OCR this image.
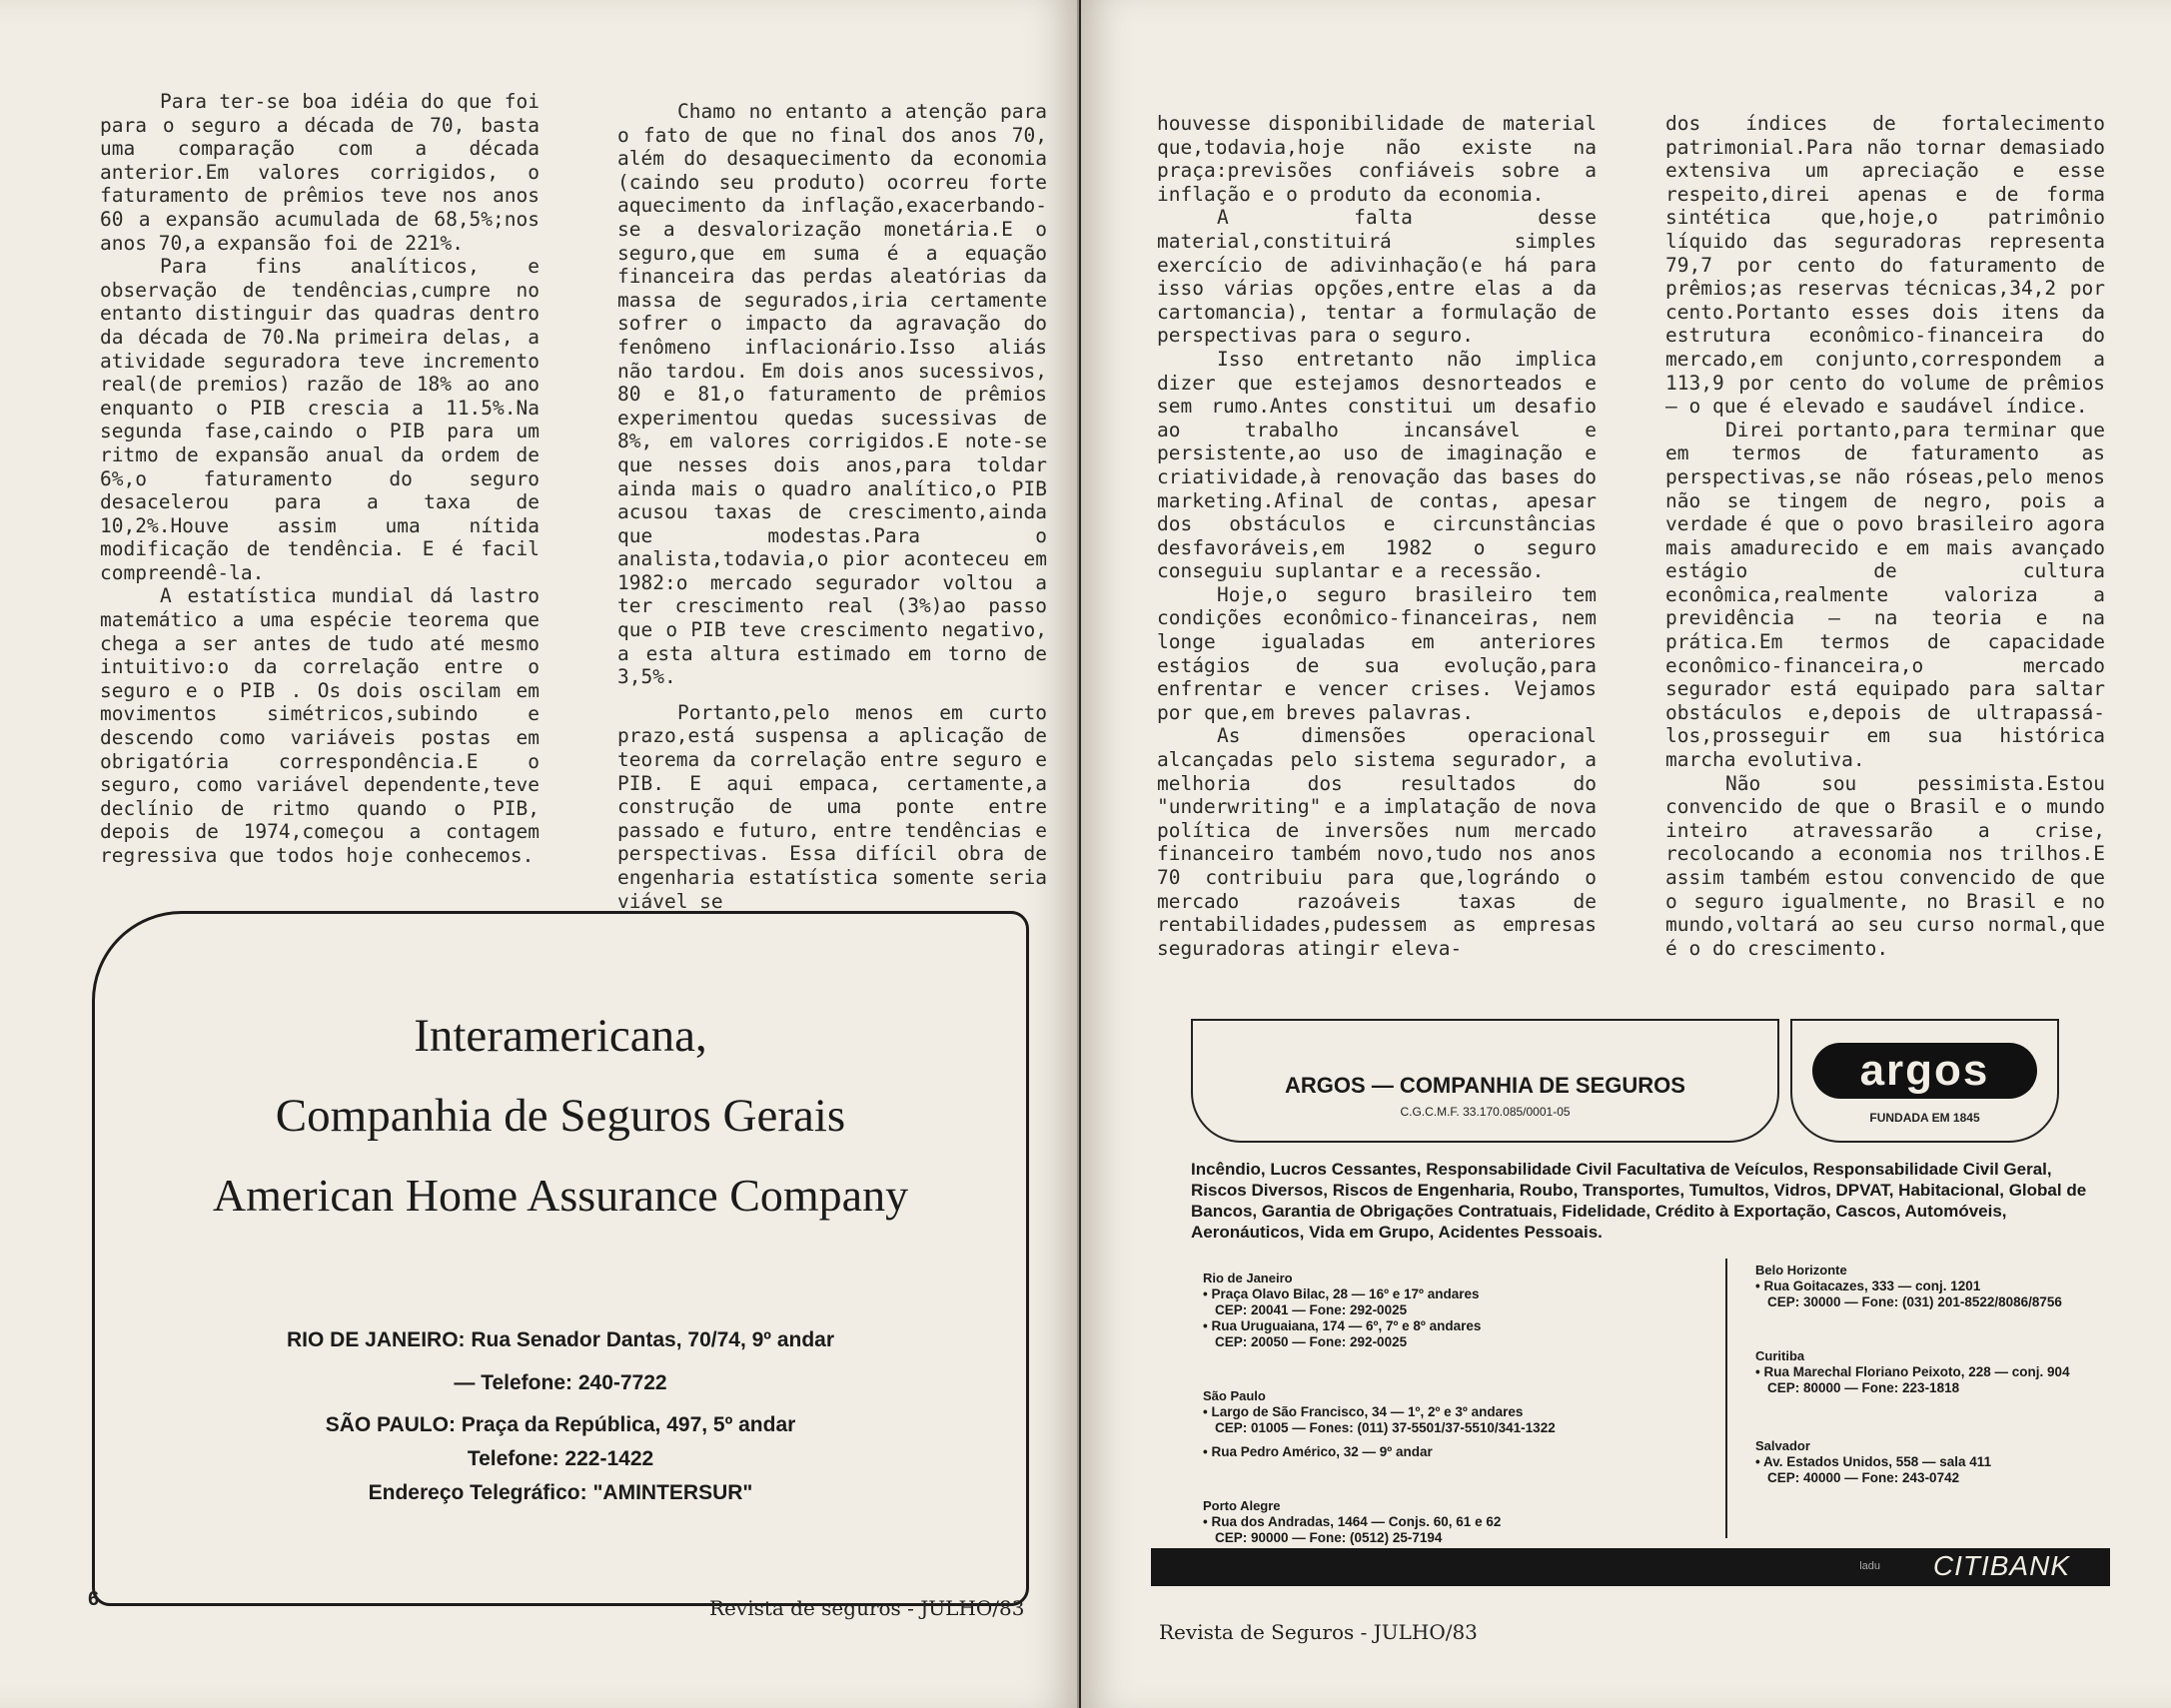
Para ter-se boa idéia do que foi para o seguro a década de 70, basta uma comparação com a década anterior.Em valores corrigidos, o faturamento de prêmios teve nos anos 60 a expansão acumulada de 68,5%;nos anos 70,a expansão foi de 221%.

Para fins analíticos, e observação de tendências,cumpre no entanto distinguir das quadras dentro da década de 70.Na primeira delas, a atividade seguradora teve incremento real(de premios) razão de 18% ao ano enquanto o PIB crescia a 11.5%.Na segunda fase,caindo o PIB para um ritmo de expansão anual da ordem de 6%,o faturamento do seguro desacelerou para a taxa de 10,2%.Houve assim uma nítida modificação de tendência. E é facil compreendê-la.

A estatística mundial dá lastro matemático a uma espécie teorema que chega a ser antes de tudo até mesmo intuitivo:o da correlação entre o seguro e o PIB . Os dois oscilam em movimentos simétricos,subindo e descendo como variáveis postas em obrigatória correspondência.E o seguro, como variável dependente,teve declínio de ritmo quando o PIB, depois de 1974,começou a contagem regressiva que todos hoje conhecemos.

Chamo no entanto a atenção para o fato de que no final dos anos 70, além do desaquecimento da economia (caindo seu produto) ocorreu forte aquecimento da inflação,exacerbando-se a desvalorização monetária.E o seguro,que em suma é a equação financeira das perdas aleatórias da massa de segurados,iria certamente sofrer o impacto da agravação do fenômeno inflacionário.Isso aliás não tardou. Em dois anos sucessivos, 80 e 81,o faturamento de prêmios experimentou quedas sucessivas de 8%, em valores corrigidos.E note-se que nesses dois anos,para toldar ainda mais o quadro analítico,o PIB acusou taxas de crescimento,ainda que modestas.Para o analista,todavia,o pior aconteceu em 1982:o mercado segurador voltou a ter crescimento real (3%)ao passo que o PIB teve crescimento negativo, a esta altura estimado em torno de 3,5%.

Portanto,pelo menos em curto prazo,está suspensa a aplicação de teorema da correlação entre seguro e PIB. E aqui empaca, certamente,a construção de uma ponte entre passado e futuro, entre tendências e perspectivas. Essa difícil obra de engenharia estatística somente seria viável se

Interamericana,
Companhia de Seguros Gerais
American Home Assurance Company
RIO DE JANEIRO: Rua Senador Dantas, 70/74, 9º andar
— Telefone: 240-7722
SÃO PAULO: Praça da República, 497, 5º andar
Telefone: 222-1422
Endereço Telegráfico: "AMINTERSUR"
6	Revista de seguros - JULHO/83

houvesse disponibilidade de material que,todavia,hoje não existe na praça:previsões confiáveis sobre a inflação e o produto da economia.

A falta desse material,constituirá simples exercício de adivinhação(e há para isso várias opções,entre elas a da cartomancia), tentar a formulação de perspectivas para o seguro.

Isso entretanto não implica dizer que estejamos desnorteados e sem rumo.Antes constitui um desafio ao trabalho incansável e persistente,ao uso de imaginação e criatividade,à renovação das bases do marketing.Afinal de contas, apesar dos obstáculos e circunstâncias desfavoráveis,em 1982 o seguro conseguiu suplantar e a recessão.

Hoje,o seguro brasileiro tem condições econômico-financeiras, nem longe igualadas em anteriores estágios de sua evolução,para enfrentar e vencer crises. Vejamos por que,em breves palavras.

As dimensões operacional alcançadas pelo sistema segurador, a melhoria dos resultados do "underwriting" e a implatação de nova política de inversões num mercado financeiro também novo,tudo nos anos 70 contribuiu para que,lográndo o mercado razoáveis taxas de rentabilidades,pudessem as empresas seguradoras atingir eleva-

dos índices de fortalecimento patrimonial.Para não tornar demasiado extensiva um apreciação e esse respeito,direi apenas e de forma sintética que,hoje,o patrimônio líquido das seguradoras representa 79,7 por cento do faturamento de prêmios;as reservas técnicas,34,2 por cento.Portanto esses dois itens da estrutura econômico-financeira do mercado,em conjunto,correspondem a 113,9 por cento do volume de prêmios — o que é elevado e saudável índice.

Direi portanto,para terminar que em termos de faturamento as perspectivas,se não róseas,pelo menos não se tingem de negro, pois a verdade é que o povo brasileiro agora mais amadurecido e em mais avançado estágio de cultura econômica,realmente valoriza a previdência — na teoria e na prática.Em termos de capacidade econômico-financeira,o mercado segurador está equipado para saltar obstáculos e,depois de ultrapassá-los,prosseguir em sua histórica marcha evolutiva.

Não sou pessimista.Estou convencido de que o Brasil e o mundo inteiro atravessarão a crise, recolocando a economia nos trilhos.E assim também estou convencido de que o seguro igualmente, no Brasil e no mundo,voltará ao seu curso normal,que é o do crescimento.

ARGOS — COMPANHIA DE SEGUROS
C.G.C.M.F. 33.170.085/0001-05
argos
FUNDADA EM 1845
Incêndio, Lucros Cessantes, Responsabilidade Civil Facultativa de Veículos, Responsabilidade Civil Geral, Riscos Diversos, Riscos de Engenharia, Roubo, Transportes, Tumultos, Vidros, DPVAT, Habitacional, Global de Bancos, Garantia de Obrigações Contratuais, Fidelidade, Crédito à Exportação, Cascos, Automóveis, Aeronáuticos, Vida em Grupo, Acidentes Pessoais.
Rio de Janeiro
• Praça Olavo Bilac, 28 — 16º e 17º andares
CEP: 20041 — Fone: 292-0025
• Rua Uruguaiana, 174 — 6º, 7º e 8º andares
CEP: 20050 — Fone: 292-0025
São Paulo
• Largo de São Francisco, 34 — 1º, 2º e 3º andares
CEP: 01005 — Fones: (011) 37-5501/37-5510/341-1322
• Rua Pedro Américo, 32 — 9º andar
Porto Alegre
• Rua dos Andradas, 1464 — Conjs. 60, 61 e 62
CEP: 90000 — Fone: (0512) 25-7194
Belo Horizonte
• Rua Goitacazes, 333 — conj. 1201
CEP: 30000 — Fone: (031) 201-8522/8086/8756
Curitiba
• Rua Marechal Floriano Peixoto, 228 — conj. 904
CEP: 80000 — Fone: 223-1818
Salvador
• Av. Estados Unidos, 558 — sala 411
CEP: 40000 — Fone: 243-0742
ladu CITIBANK
Revista de Seguros - JULHO/83
